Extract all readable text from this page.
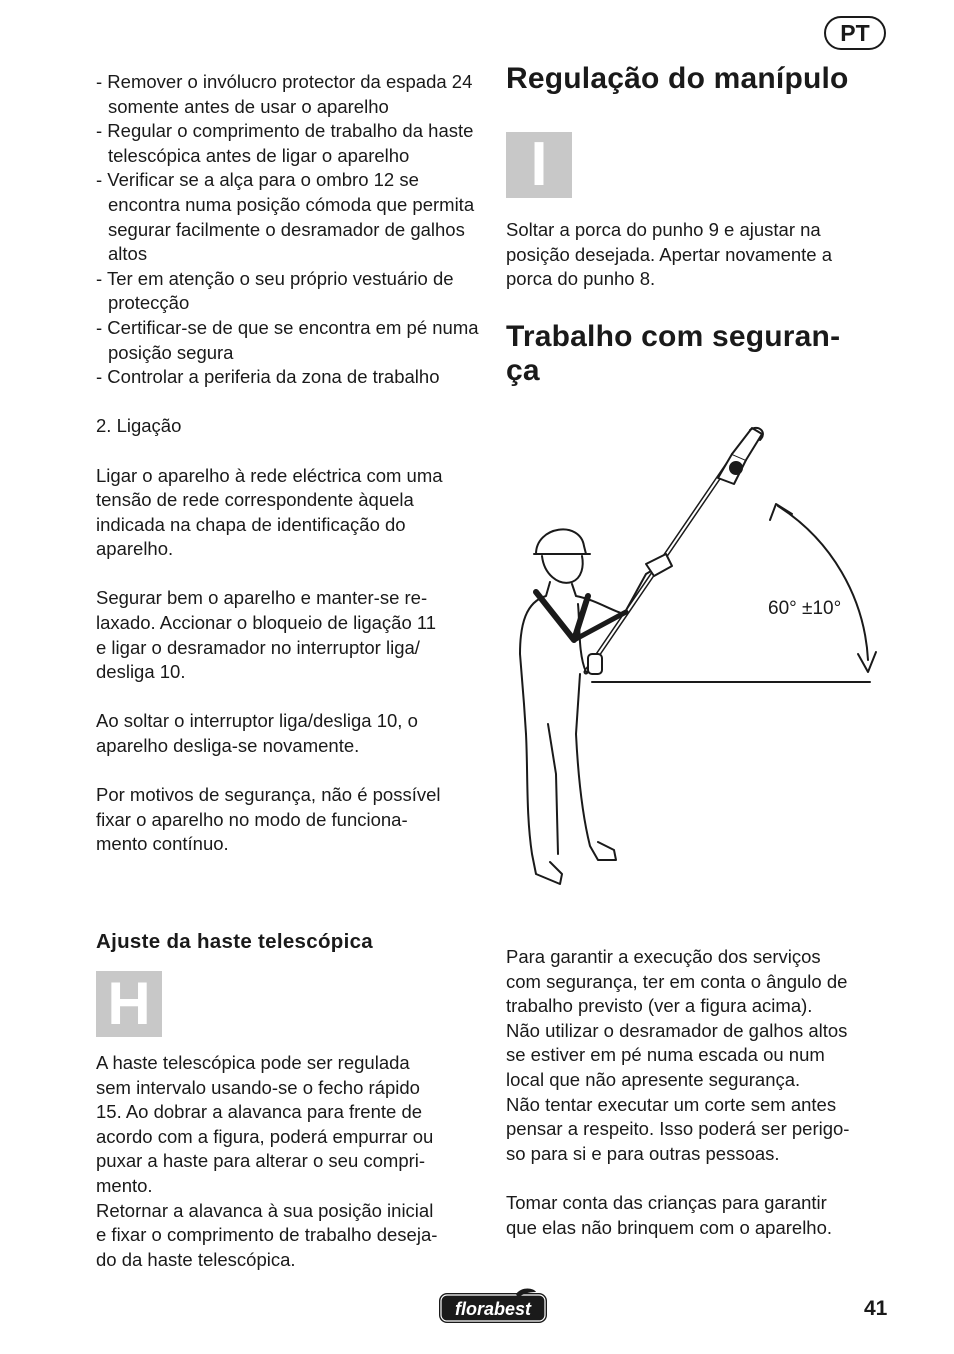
PT

- Remover o invólucro protector da espada 24 somente antes de usar o aparelho

- Regular o comprimento de trabalho da haste telescópica antes de ligar o aparelho

- Verificar se a alça para o ombro 12 se encontra numa posição cómoda que permita segurar facilmente o desramador de galhos altos

- Ter em atenção o seu próprio vestuário de protecção

- Certificar-se de que se encontra em pé numa posição segura

- Controlar a periferia da zona de trabalho

2. Ligação

Ligar o aparelho à rede eléctrica com uma
tensão de rede correspondente àquela
indicada na chapa de identificação do
aparelho.

Segurar bem o aparelho e manter-se re-
laxado. Accionar o bloqueio de ligação 11
e ligar o desramador no interruptor liga/
desliga 10.

Ao soltar o interruptor liga/desliga 10, o
aparelho desliga-se novamente.

Por motivos de segurança, não é possível
fixar o aparelho no modo de funciona-
mento contínuo.

Ajuste da haste telescópica

H

A haste telescópica pode ser regulada
sem intervalo usando-se o fecho rápido
15. Ao dobrar a alavanca para frente de
acordo com a figura, poderá empurrar ou
puxar a haste para alterar o seu compri-
mento.
Retornar a alavanca à sua posição inicial
e fixar o comprimento de trabalho deseja-
do da haste telescópica.

Regulação do manípulo

I

Soltar a porca do punho 9 e ajustar na
posição desejada. Apertar novamente a
porca do punho 8.

Trabalho com seguran-
ça

60° ±10°

Para garantir a execução dos serviços
com segurança, ter em conta o ângulo de
trabalho previsto (ver a figura acima).
Não utilizar o desramador de galhos altos
se estiver em pé numa escada ou num
local que não apresente segurança.
Não tentar executar um corte sem antes
pensar a respeito. Isso poderá ser perigo-
so para si e para outras pessoas.

Tomar conta das crianças para garantir
que elas não brinquem com o aparelho.

florabest	41
